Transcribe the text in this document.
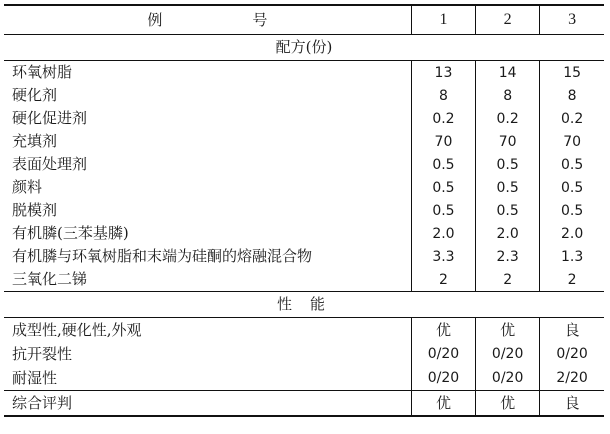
例　　号	1	2	3
配方(份)			
环氧树脂	13	14	15
硬化剂	8	8	8
硬化促进剂	0.2	0.2	0.2
充填剂	70	70	70
表面处理剂	0.5	0.5	0.5
颜料	0.5	0.5	0.5
脱模剂	0.5	0.5	0.5
有机膦(三苯基膦)	2.0	2.0	2.0
有机膦与环氧树脂和末端为硅酮的熔融混合物	3.3	2.3	1.3
三氧化二锑	2	2	2
性能			
成型性,硬化性,外观	优	优	良
抗开裂性	0/20	0/20	0/20
耐湿性	0/20	0/20	2/20
综合评判	优	优	良
